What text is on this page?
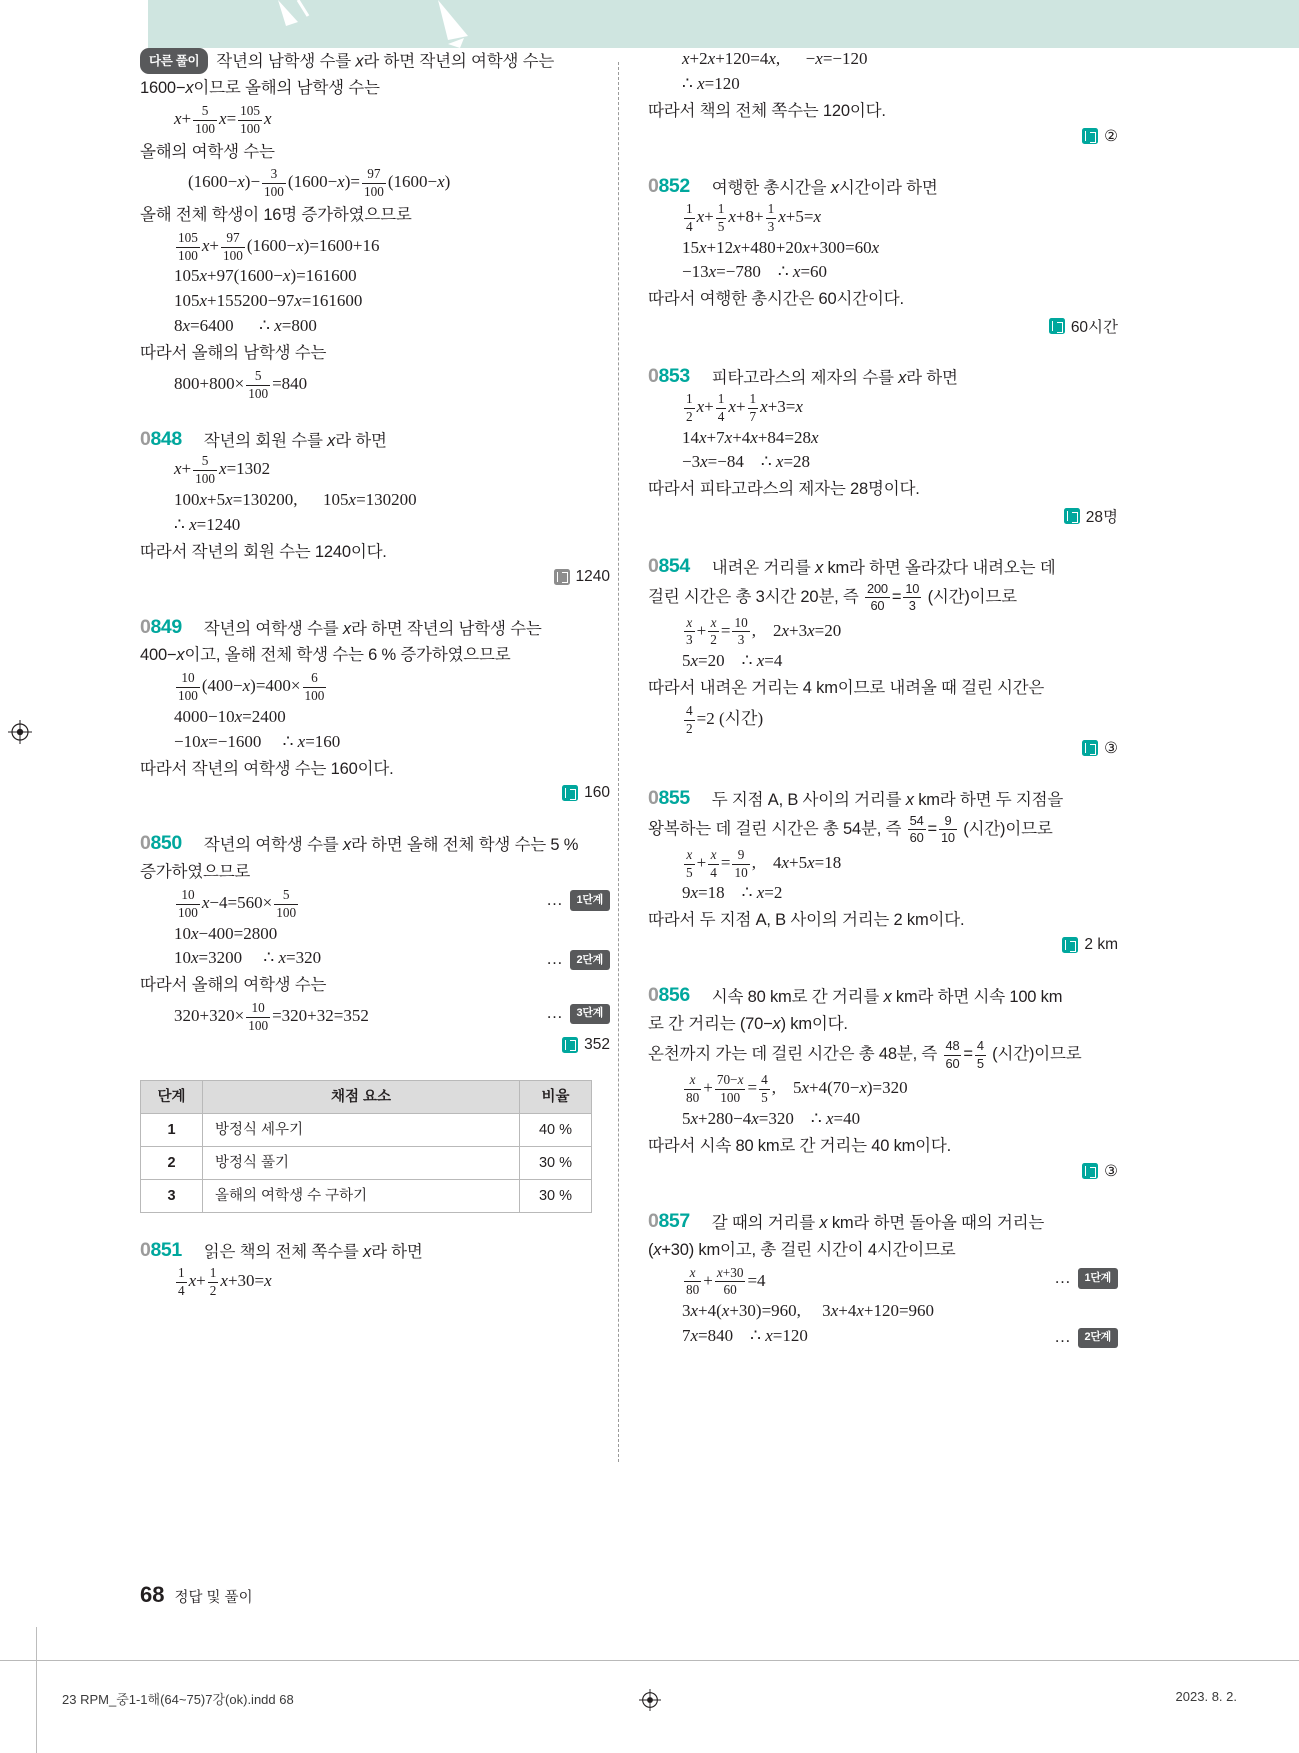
다른 풀이 작년의 남학생 수를 x라 하면 작년의 여학생 수는
1600−x이므로 올해의 남학생 수는
$x+ \frac{5}{100} x= \frac{105}{100}$ x
올해의 여학생 수는
$(1600-x)- \frac{3}{100} (1600-x)= \frac{97}{100} (1600-x)$
올해 전체 학생이 16명 증가하였으므로
$\frac{105}{100} x+ \frac{97}{100} (1600-x)=1600+16$
105x+97(1600−x)=161600
105x+155200−97x=161600
8x=6400      ∴ x=800
따라서 올해의 남학생 수는
$800+800\times \frac{5}{100} =840$
0848 작년의 회원 수를 x라 하면
$x+ \frac{5}{100} x=1302$
100x+5x=130200,      105x=130200
∴ x=1240
따라서 작년의 회원 수는 1240이다.
1240
0849 작년의 여학생 수를 x라 하면 작년의 남학생 수는
400−x이고, 올해 전체 학생 수는 6 % 증가하였으므로
$\frac{10}{100} (400-x)=400\times \frac{6}{100}$
4000−10x=2400
−10x=−1600     ∴ x=160
따라서 작년의 여학생 수는 160이다.
160
0850 작년의 여학생 수를 x라 하면 올해 전체 학생 수는 5 %
증가하였으므로
$\frac{10}{100} x-4=560\times \frac{5}{100}$	…	1단계
10x−400=2800
10x=3200     ∴ x=320	…	2단계
따라서 올해의 여학생 수는
$320+320\times \frac{10}{100} =320+32=352$	…	3단계
352
단계	채점 요소	비율
1	방정식 세우기	40 %
2	방정식 풀기	30 %
3	올해의 여학생 수 구하기	30 %
0851 읽은 책의 전체 쪽수를 x라 하면
$\frac{1}{4} x+ \frac{1}{2} x+30=x$
x+2x+120=4x,      −x=−120
∴ x=120
따라서 책의 전체 쪽수는 120이다.
②
0852 여행한 총시간을 x시간이라 하면
$\frac{1}{4} x+ \frac{1}{5} x+8+ \frac{1}{3} x+5=x$
15x+12x+480+20x+300=60x
−13x=−780    ∴ x=60
따라서 여행한 총시간은 60시간이다.
60시간
0853 피타고라스의 제자의 수를 x라 하면
$\frac{1}{2} x+ \frac{1}{4} x+ \frac{1}{7} x+3=x$
14x+7x+4x+84=28x
−3x=−84    ∴ x=28
따라서 피타고라스의 제자는 28명이다.
28명
0854 내려온 거리를 x km라 하면 올라갔다 내려오는 데
걸린 시간은 총 3시간 20분, 즉 $\frac{200}{60} = \frac{10}{3}$ (시간)이므로
$\frac{x}{3} + \frac{x}{2} = \frac{10}{3}$ ,    2x+3x=20
5x=20    ∴ x=4
따라서 내려온 거리는 4 km이므로 내려올 때 걸린 시간은
$\frac{4}{2} =2$ (시간)
③
0855 두 지점 A, B 사이의 거리를 x km라 하면 두 지점을
왕복하는 데 걸린 시간은 총 54분, 즉 $\frac{54}{60} = \frac{9}{10}$ (시간)이므로
$\frac{x}{5} + \frac{x}{4} = \frac{9}{10}$ ,    4x+5x=18
9x=18    ∴ x=2
따라서 두 지점 A, B 사이의 거리는 2 km이다.
2 km
0856 시속 80 km로 간 거리를 x km라 하면 시속 100 km
로 간 거리는 (70−x) km이다.
온천까지 가는 데 걸린 시간은 총 48분, 즉 $\frac{48}{60} = \frac{4}{5}$ (시간)이므로
$\frac{x}{80} + \frac{70-x}{100} = \frac{4}{5}$ ,    5x+4(70−x)=320
5x+280−4x=320    ∴ x=40
따라서 시속 80 km로 간 거리는 40 km이다.
③
0857 갈 때의 거리를 x km라 하면 돌아올 때의 거리는
(x+30) km이고, 총 걸린 시간이 4시간이므로
$\frac{x}{80} + \frac{x+30}{60} =4$	…	1단계
3x+4(x+30)=960,     3x+4x+120=960
7x=840    ∴ x=120	…	2단계
68 정답 및 풀이
23 RPM_중1-1해(64~75)7강(ok).indd 68	2023. 8. 2.
